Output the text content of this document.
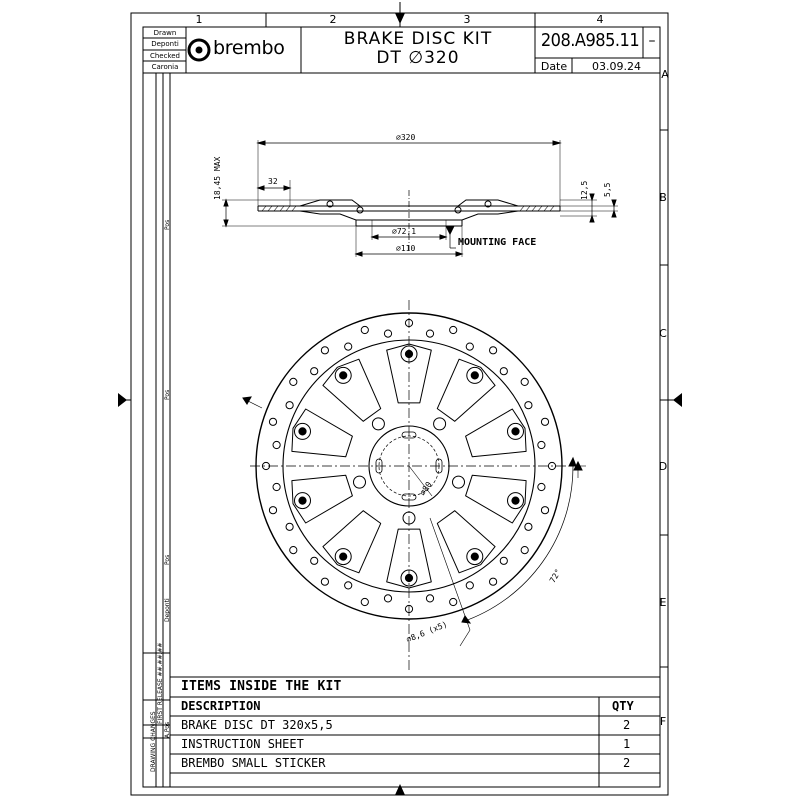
1	2	3	4
A
B
C
D
E
F
Drawn
Deponti
Checked
Caronia
brembo	BRAKE DISC KIT
DT ∅320
208.A985.11 –
Date	03.09.24
∅320
18,45 MAX	32	12,5 5,5
∅72,1
∅110
MOUNTING FACE
∅80
72°
∅8,6 (x5)
Pos
Pos
Pos
Deponti
A.Pos
FIRST RELEASE ##.##.##
DRAWING CHANGES
ITEMS INSIDE THE KIT
DESCRIPTION	QTY
BRAKE DISC DT 320x5,5	2
INSTRUCTION SHEET	1
BREMBO SMALL STICKER	2
